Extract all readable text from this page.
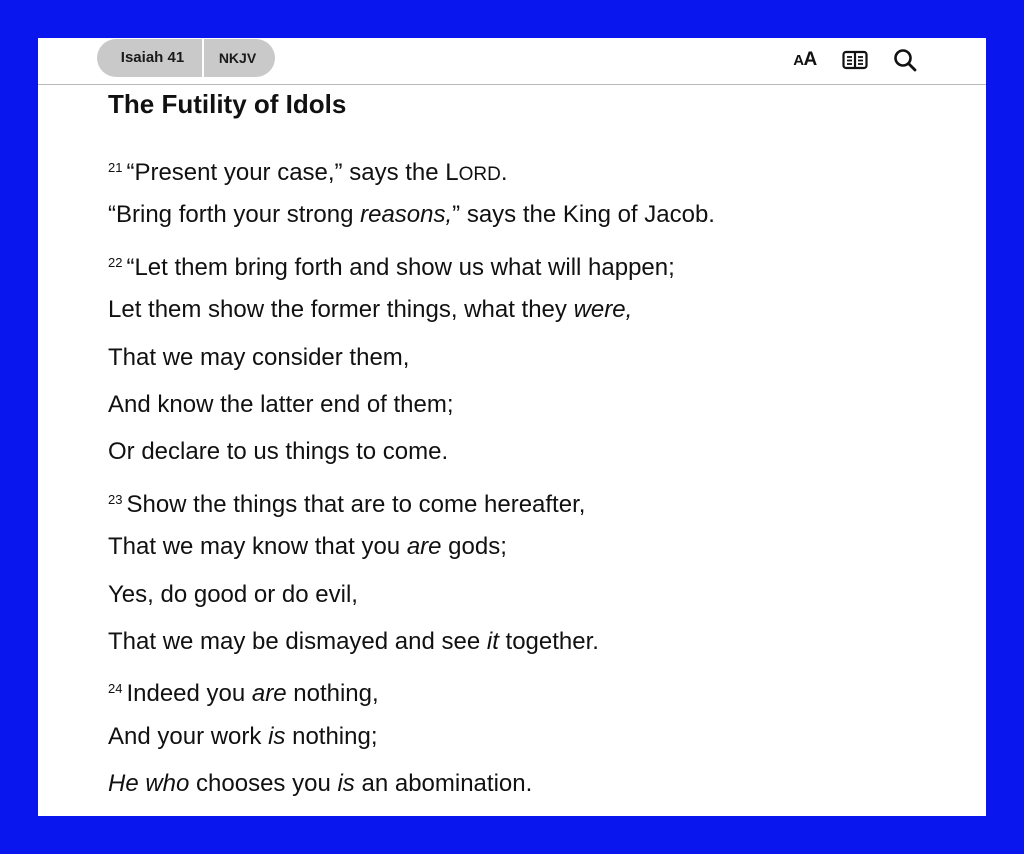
Isaiah 41	NKJV	A A
The Futility of Idols
$^{21}$ “Present your case,” says the LORD.
“Bring forth your strong reasons,” says the King of Jacob.
$^{22}$ “Let them bring forth and show us what will happen;
Let them show the former things, what they were,
That we may consider them,
And know the latter end of them;
Or declare to us things to come.
$^{23}$ Show the things that are to come hereafter,
That we may know that you are gods;
Yes, do good or do evil,
That we may be dismayed and see it together.
$^{24}$ Indeed you are nothing,
And your work is nothing;
He who chooses you is an abomination.
